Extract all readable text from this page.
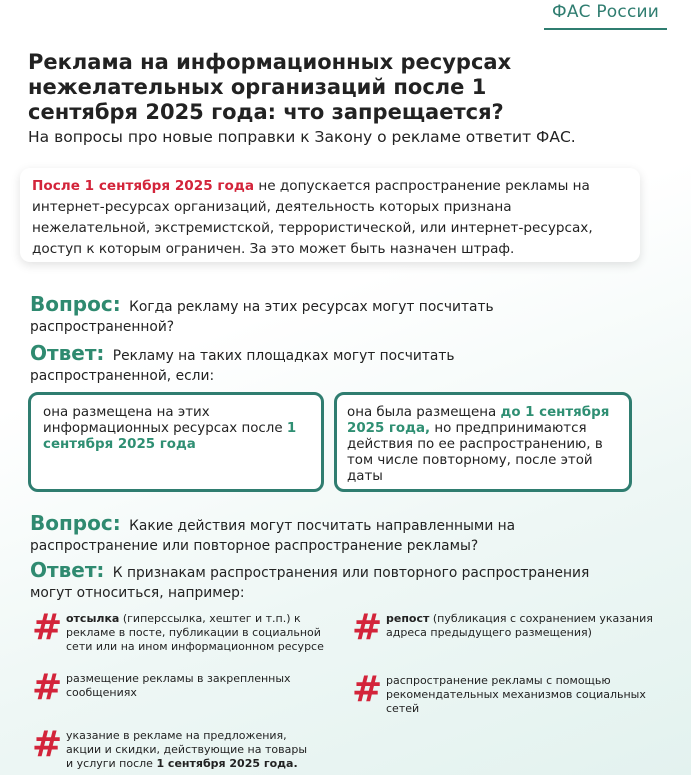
ФАС России
Реклама на информационных ресурсах нежелательных организаций после 1 сентября 2025 года: что запрещается?
На вопросы про новые поправки к Закону о рекламе ответит ФАС.
После 1 сентября 2025 года не допускается распространение рекламы на интернет-ресурсах организаций, деятельность которых признана нежелательной, экстремистской, террористической, или интернет-ресурсах, доступ к которым ограничен. За это может быть назначен штраф.
Вопрос: Когда рекламу на этих ресурсах могут посчитать распространенной?
Ответ: Рекламу на таких площадках могут посчитать распространенной, если:
она размещена на этих информационных ресурсах после 1 сентября 2025 года
она была размещена до 1 сентября 2025 года, но предпринимаются действия по ее распространению, в том числе повторному, после этой даты
Вопрос: Какие действия могут посчитать направленными на распространение или повторное распространение рекламы?
Ответ: К признакам распространения или повторного распространения могут относиться, например:
# отсылка (гиперссылка, хештег и т.п.) к рекламе в посте, публикации в социальной сети или на ином информационном ресурсе # репост (публикация с сохранением указания адреса предыдущего размещения)
# размещение рекламы в закрепленных сообщениях	# распространение рекламы с помощью рекомендательных механизмов социальных сетей
# указание в рекламе на предложения, акции и скидки, действующие на товары и услуги после 1 сентября 2025 года.
